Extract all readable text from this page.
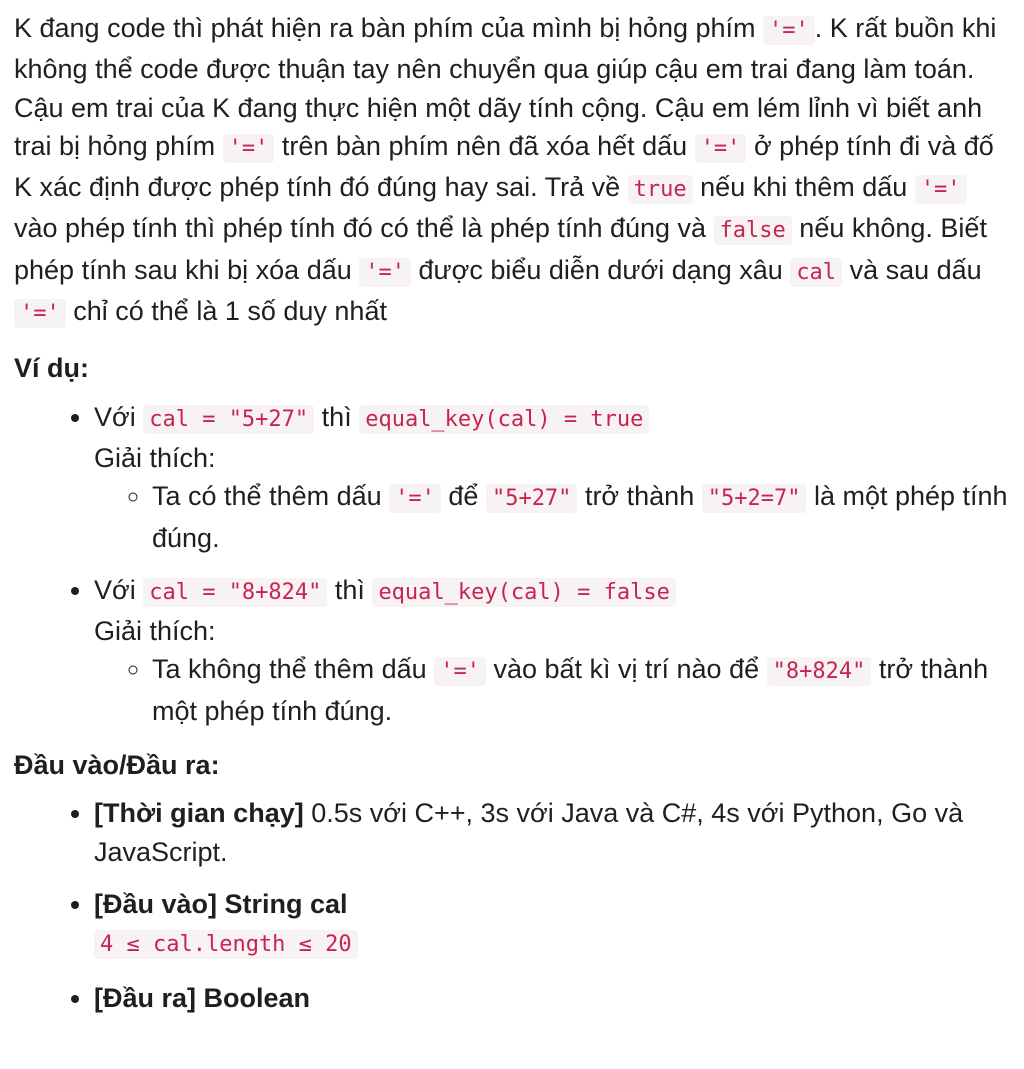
K đang code thì phát hiện ra bàn phím của mình bị hỏng phím '=' . K rất buồn khi không thể code được thuận tay nên chuyển qua giúp cậu em trai đang làm toán. Cậu em trai của K đang thực hiện một dãy tính cộng. Cậu em lém lỉnh vì biết anh trai bị hỏng phím '=' trên bàn phím nên đã xóa hết dấu '=' ở phép tính đi và đố K xác định được phép tính đó đúng hay sai. Trả về true nếu khi thêm dấu '=' vào phép tính thì phép tính đó có thể là phép tính đúng và false nếu không. Biết phép tính sau khi bị xóa dấu '=' được biểu diễn dưới dạng xâu cal và sau dấu '=' chỉ có thể là 1 số duy nhất

Ví dụ:

• Với cal = "5+27" thì equal_key(cal) = true
Giải thích:
◦ Ta có thể thêm dấu '=' để "5+27" trở thành "5+2=7" là một phép tính đúng.
• Với cal = "8+824" thì equal_key(cal) = false
Giải thích:
◦ Ta không thể thêm dấu '=' vào bất kì vị trí nào để "8+824" trở thành một phép tính đúng.

Đầu vào/Đầu ra:

• [Thời gian chạy] 0.5s với C++, 3s với Java và C#, 4s với Python, Go và JavaScript.
• [Đầu vào] String cal
4 ≤ cal.length ≤ 20
• [Đầu ra] Boolean
